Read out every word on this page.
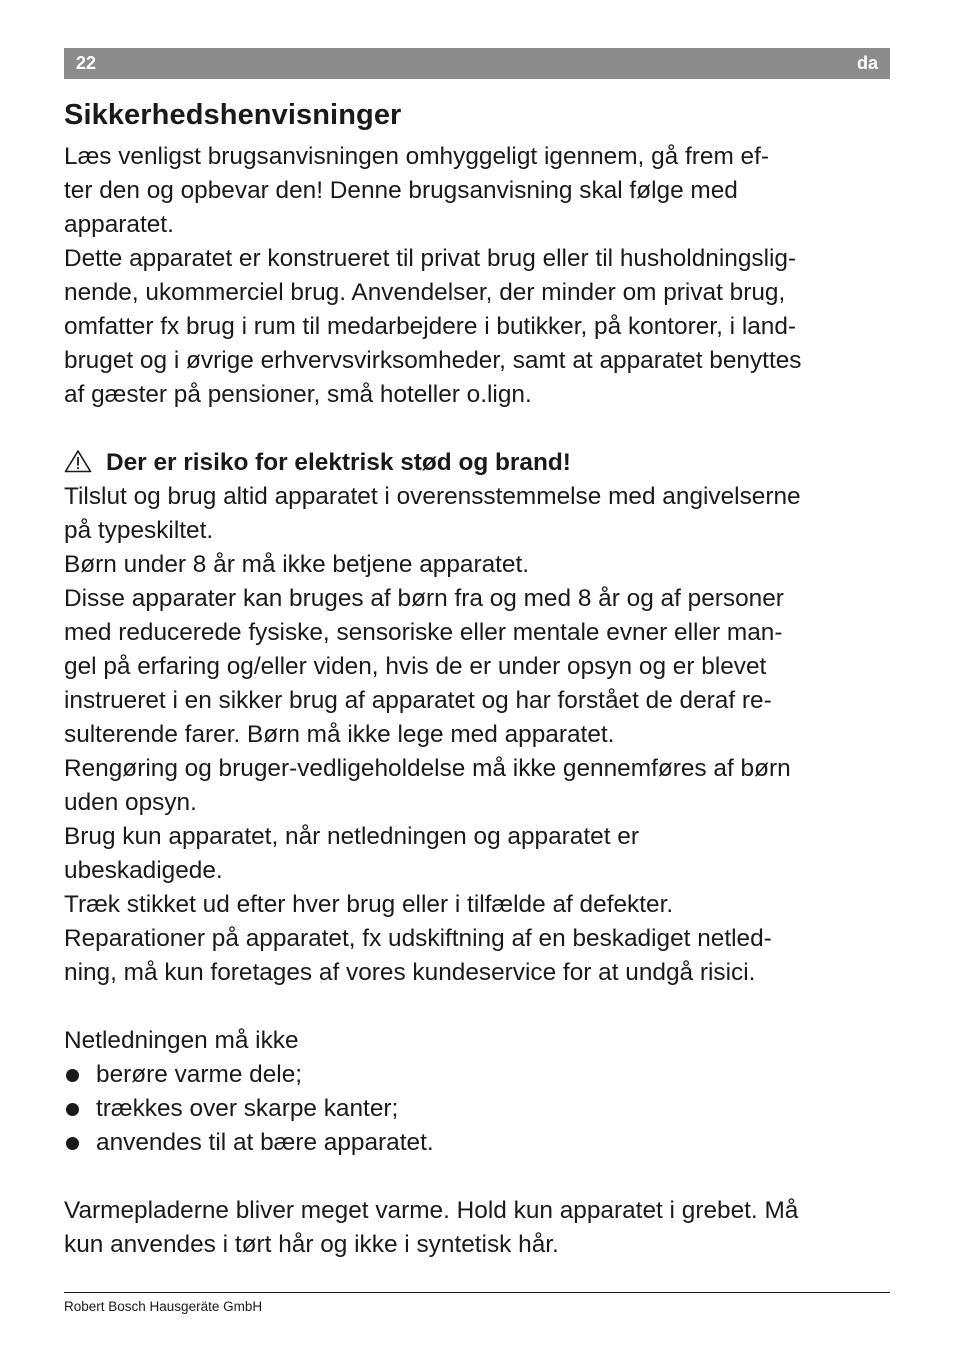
22	da
Sikkerhedshenvisninger

Læs venligst brugsanvisningen omhyggeligt igennem, gå frem ef-
ter den og opbevar den! Denne brugsanvisning skal følge med
apparatet.

Dette apparatet er konstrueret til privat brug eller til husholdningslig-
nende, ukommerciel brug. Anvendelser, der minder om privat brug,
omfatter fx brug i rum til medarbejdere i butikker, på kontorer, i land-
bruget og i øvrige erhvervsvirksomheder, samt at apparatet benyttes
af gæster på pensioner, små hoteller o.lign.

Der er risiko for elektrisk stød og brand!

Tilslut og brug altid apparatet i overensstemmelse med angivelserne
på typeskiltet.

Børn under 8 år må ikke betjene apparatet.

Disse apparater kan bruges af børn fra og med 8 år og af personer
med reducerede fysiske, sensoriske eller mentale evner eller man-
gel på erfaring og/eller viden, hvis de er under opsyn og er blevet
instrueret i en sikker brug af apparatet og har forstået de deraf re-
sulterende farer. Børn må ikke lege med apparatet.

Rengøring og bruger-vedligeholdelse må ikke gennemføres af børn
uden opsyn.

Brug kun apparatet, når netledningen og apparatet er
ubeskadigede.

Træk stikket ud efter hver brug eller i tilfælde af defekter.

Reparationer på apparatet, fx udskiftning af en beskadiget netled-
ning, må kun foretages af vores kundeservice for at undgå risici.

Netledningen må ikke

berøre varme dele;
trækkes over skarpe kanter;
anvendes til at bære apparatet.

Varmepladerne bliver meget varme. Hold kun apparatet i grebet. Må
kun anvendes i tørt hår og ikke i syntetisk hår.

Robert Bosch Hausgeräte GmbH
